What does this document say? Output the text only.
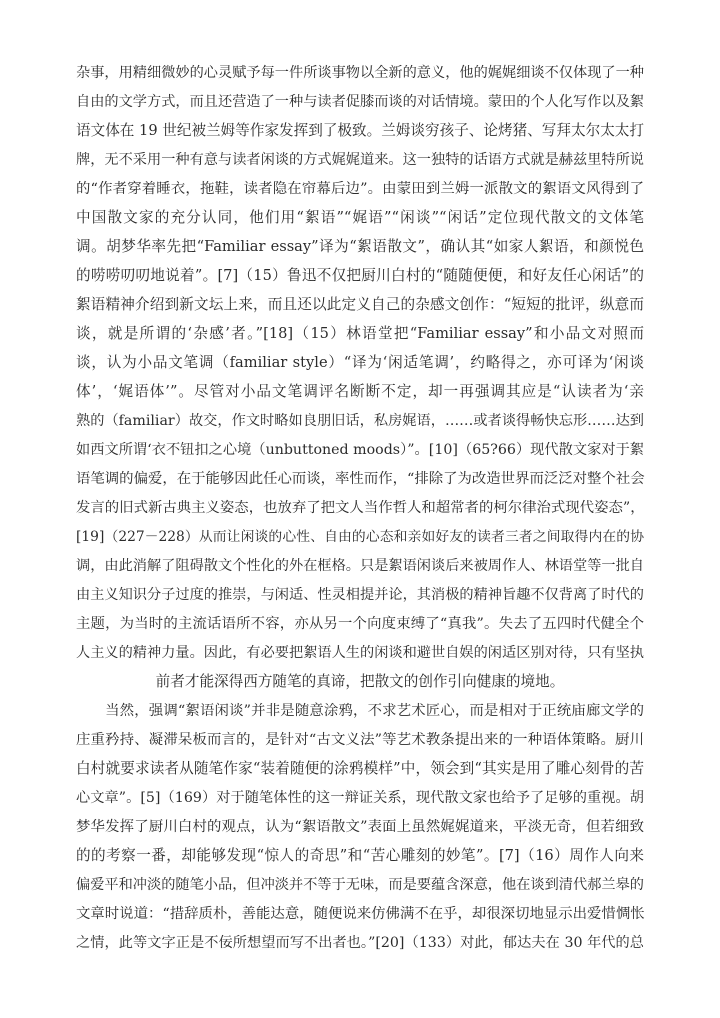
杂事，用精细微妙的心灵赋予每一件所谈事物以全新的意义，他的娓娓细谈不仅体现了一种
自由的文学方式，而且还营造了一种与读者促膝而谈的对话情境。蒙田的个人化写作以及絮
语文体在 19 世纪被兰姆等作家发挥到了极致。兰姆谈穷孩子、论烤猪、写拜太尔太太打
牌，无不采用一种有意与读者闲谈的方式娓娓道来。这一独特的话语方式就是赫兹里特所说
的“作者穿着睡衣，拖鞋，读者隐在帘幕后边”。由蒙田到兰姆一派散文的絮语文风得到了
中国散文家的充分认同，他们用“絮语”“娓语”“闲谈”“闲话”定位现代散文的文体笔
调。胡梦华率先把“Familiar essay”译为“絮语散文”，确认其“如家人絮语，和颜悦色
的唠唠叨叨地说着”。[7]（15）鲁迅不仅把厨川白村的“随随便便，和好友任心闲话”的
絮语精神介绍到新文坛上来，而且还以此定义自己的杂感文创作：“短短的批评，纵意而
谈，就是所谓的‘杂感’者。”[18]（15）林语堂把“Familiar essay”和小品文对照而
谈，认为小品文笔调（familiar style）“译为‘闲适笔调’，约略得之，亦可译为‘闲谈
体’，‘娓语体’”。尽管对小品文笔调评名断断不定，却一再强调其应是“认读者为‘亲
熟的（familiar）故交，作文时略如良朋旧话，私房娓语，……或者谈得畅快忘形……达到
如西文所谓‘衣不钮扣之心境（unbuttoned moods）”。[10]（65?66）现代散文家对于絮
语笔调的偏爱，在于能够因此任心而谈，率性而作，“排除了为改造世界而泛泛对整个社会
发言的旧式新古典主义姿态，也放弃了把文人当作哲人和超常者的柯尔律治式现代姿态”，
[19]（227－228）从而让闲谈的心性、自由的心态和亲如好友的读者三者之间取得内在的协
调，由此消解了阻碍散文个性化的外在框格。只是絮语闲谈后来被周作人、林语堂等一批自
由主义知识分子过度的推崇，与闲适、性灵相提并论，其消极的精神旨趣不仅背离了时代的
主题，为当时的主流话语所不容，亦从另一个向度束缚了“真我”。失去了五四时代健全个
人主义的精神力量。因此，有必要把絮语人生的闲谈和避世自娱的闲适区别对待，只有坚执
前者才能深得西方随笔的真谛，把散文的创作引向健康的境地。
　　当然，强调“絮语闲谈”并非是随意涂鸦，不求艺术匠心，而是相对于正统庙廊文学的
庄重矜持、凝滞呆板而言的，是针对“古文义法”等艺术教条提出来的一种语体策略。厨川
白村就要求读者从随笔作家“装着随便的涂鸦模样”中，领会到“其实是用了雕心刻骨的苦
心文章”。[5]（169）对于随笔体性的这一辩证关系，现代散文家也给予了足够的重视。胡
梦华发挥了厨川白村的观点，认为“絮语散文”表面上虽然娓娓道来，平淡无奇，但若细致
的的考察一番，却能够发现“惊人的奇思”和“苦心雕刻的妙笔”。[7]（16）周作人向来
偏爱平和冲淡的随笔小品，但冲淡并不等于无味，而是要蕴含深意，他在谈到清代郝兰皋的
文章时说道：“措辞质朴，善能达意，随便说来仿佛满不在乎，却很深切地显示出爱惜惆怅
之情，此等文字正是不佞所想望而写不出者也。”[20]（133）对此，郁达夫在 30 年代的总
